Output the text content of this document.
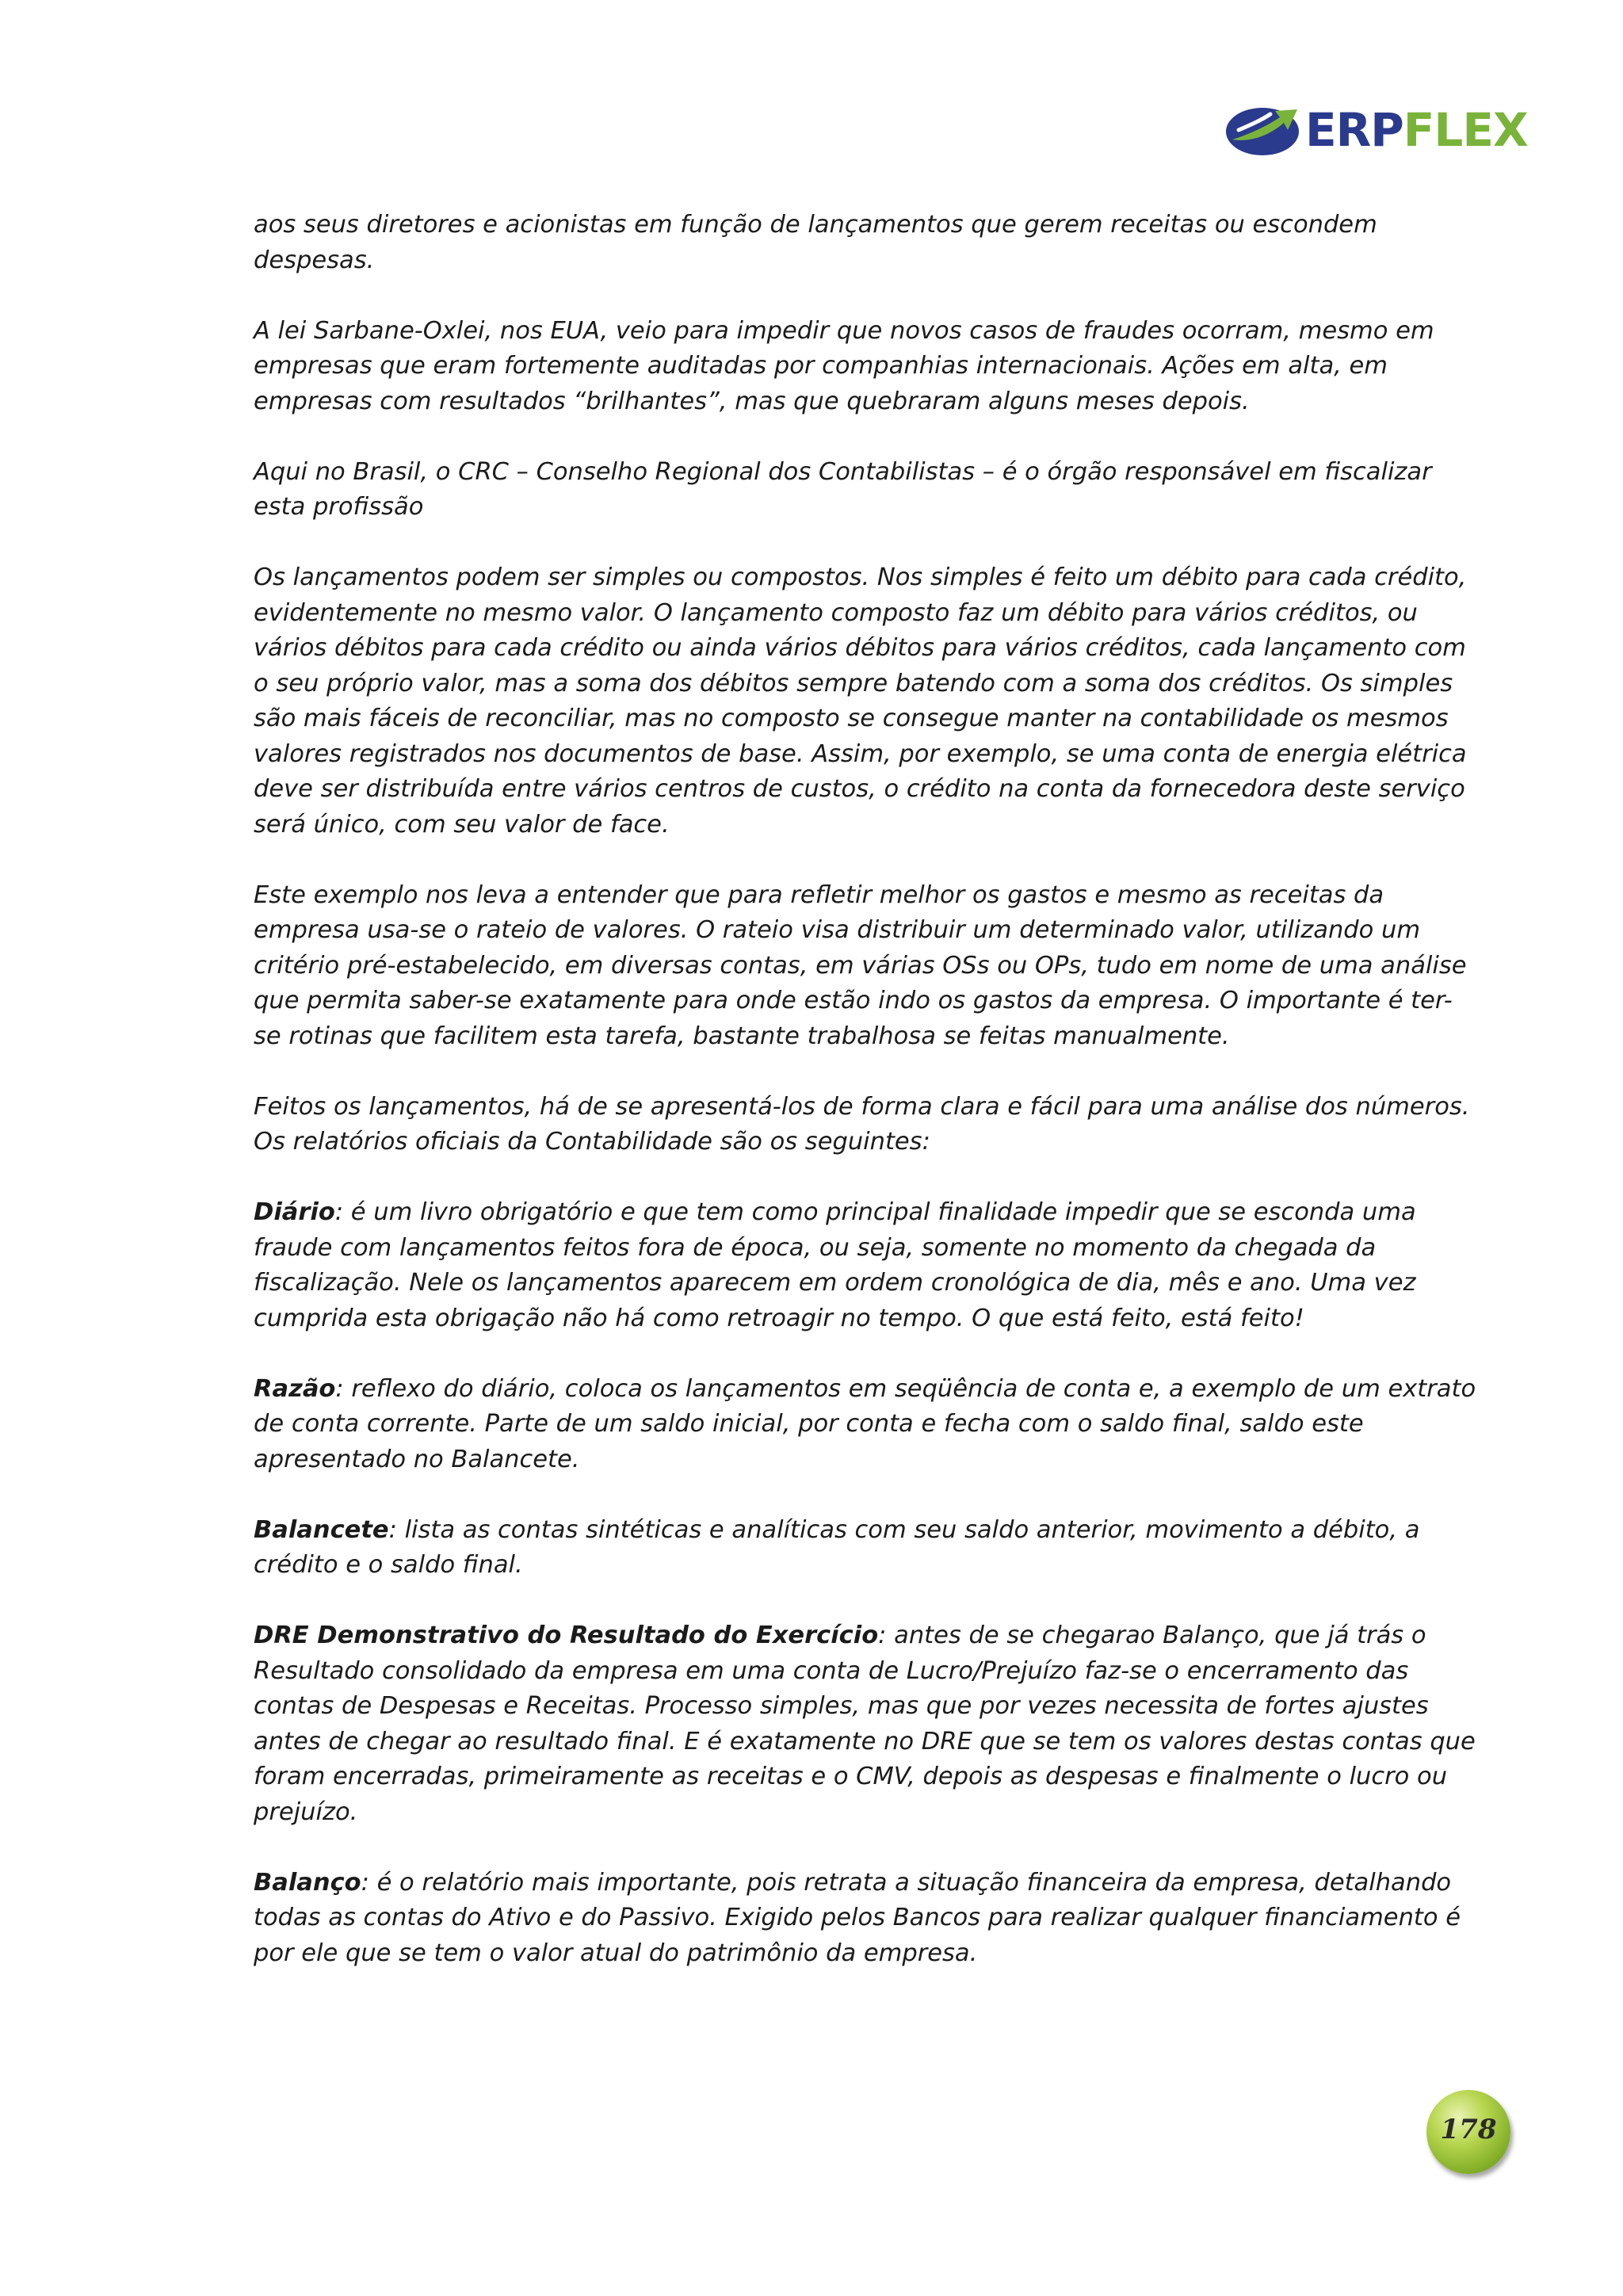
ERPFLEX

aos seus diretores e acionistas em função de lançamentos que gerem receitas ou escondem despesas.

A lei Sarbane-Oxlei, nos EUA, veio para impedir que novos casos de fraudes ocorram, mesmo em empresas que eram fortemente auditadas por companhias internacionais. Ações em alta, em empresas com resultados “brilhantes”, mas que quebraram alguns meses depois.

Aqui no Brasil, o CRC – Conselho Regional dos Contabilistas – é o órgão responsável em fiscalizar esta profissão

Os lançamentos podem ser simples ou compostos. Nos simples é feito um débito para cada crédito, evidentemente no mesmo valor. O lançamento composto faz um débito para vários créditos, ou vários débitos para cada crédito ou ainda vários débitos para vários créditos, cada lançamento com o seu próprio valor, mas a soma dos débitos sempre batendo com a soma dos créditos. Os simples são mais fáceis de reconciliar, mas no composto se consegue manter na contabilidade os mesmos valores registrados nos documentos de base. Assim, por exemplo, se uma conta de energia elétrica deve ser distribuída entre vários centros de custos, o crédito na conta da fornecedora deste serviço será único, com seu valor de face.

Este exemplo nos leva a entender que para refletir melhor os gastos e mesmo as receitas da empresa usa-se o rateio de valores. O rateio visa distribuir um determinado valor, utilizando um critério pré-estabelecido, em diversas contas, em várias OSs ou OPs, tudo em nome de uma análise que permita saber-se exatamente para onde estão indo os gastos da empresa. O importante é ter-se rotinas que facilitem esta tarefa, bastante trabalhosa se feitas manualmente.

Feitos os lançamentos, há de se apresentá-los de forma clara e fácil para uma análise dos números. Os relatórios oficiais da Contabilidade são os seguintes:

Diário: é um livro obrigatório e que tem como principal finalidade impedir que se esconda uma fraude com lançamentos feitos fora de época, ou seja, somente no momento da chegada da fiscalização. Nele os lançamentos aparecem em ordem cronológica de dia, mês e ano. Uma vez cumprida esta obrigação não há como retroagir no tempo. O que está feito, está feito!

Razão: reflexo do diário, coloca os lançamentos em seqüência de conta e, a exemplo de um extrato de conta corrente. Parte de um saldo inicial, por conta e fecha com o saldo final, saldo este apresentado no Balancete.

Balancete: lista as contas sintéticas e analíticas com seu saldo anterior, movimento a débito, a crédito e o saldo final.

DRE Demonstrativo do Resultado do Exercício: antes de se chegarao Balanço, que já trás o Resultado consolidado da empresa em uma conta de Lucro/Prejuízo faz-se o encerramento das contas de Despesas e Receitas. Processo simples, mas que por vezes necessita de fortes ajustes antes de chegar ao resultado final. E é exatamente no DRE que se tem os valores destas contas que foram encerradas, primeiramente as receitas e o CMV, depois as despesas e finalmente o lucro ou prejuízo.

Balanço: é o relatório mais importante, pois retrata a situação financeira da empresa, detalhando todas as contas do Ativo e do Passivo. Exigido pelos Bancos para realizar qualquer financiamento é por ele que se tem o valor atual do patrimônio da empresa.

178
